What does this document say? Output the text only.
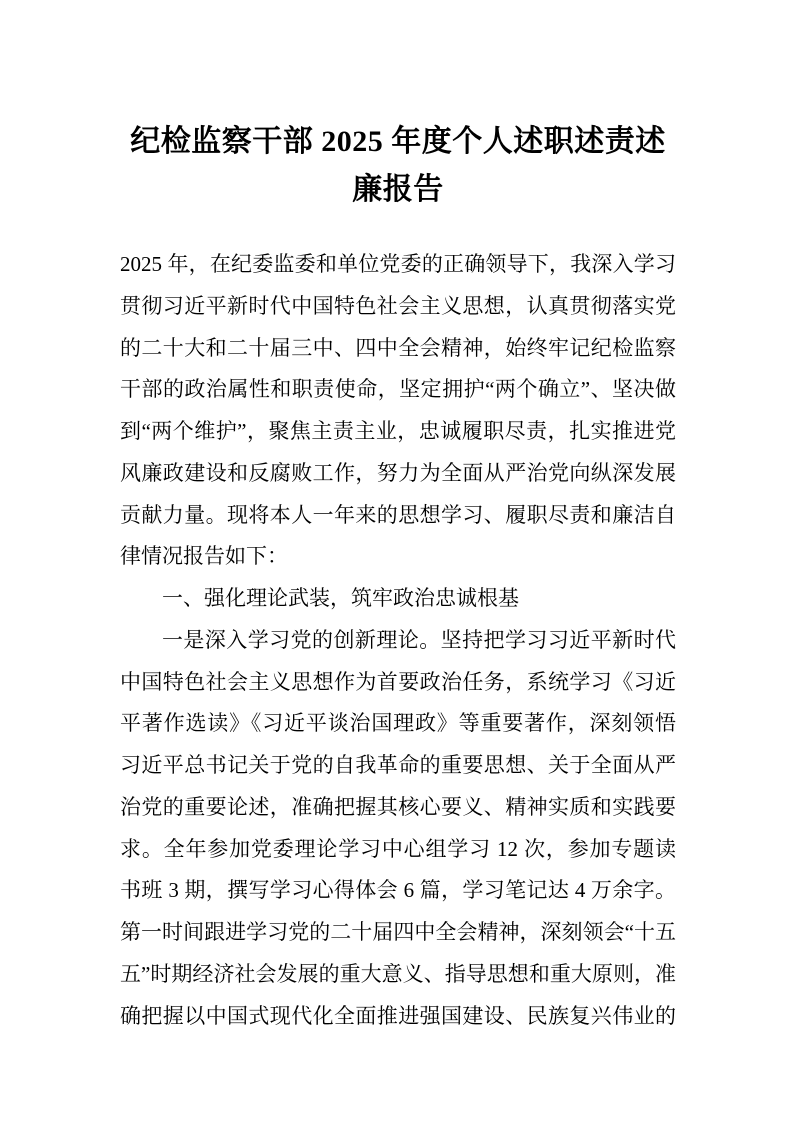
纪检监察干部 2025 年度个人述职述责述廉报告

2025 年，在纪委监委和单位党委的正确领导下，我深入学习贯彻习近平新时代中国特色社会主义思想，认真贯彻落实党的二十大和二十届三中、四中全会精神，始终牢记纪检监察干部的政治属性和职责使命，坚定拥护“两个确立”、坚决做到“两个维护”，聚焦主责主业，忠诚履职尽责，扎实推进党风廉政建设和反腐败工作，努力为全面从严治党向纵深发展贡献力量。现将本人一年来的思想学习、履职尽责和廉洁自律情况报告如下：

一、强化理论武装，筑牢政治忠诚根基

一是深入学习党的创新理论。坚持把学习习近平新时代中国特色社会主义思想作为首要政治任务，系统学习《习近平著作选读》《习近平谈治国理政》等重要著作，深刻领悟习近平总书记关于党的自我革命的重要思想、关于全面从严治党的重要论述，准确把握其核心要义、精神实质和实践要求。全年参加党委理论学习中心组学习 12 次，参加专题读书班 3 期，撰写学习心得体会 6 篇，学习笔记达 4 万余字。第一时间跟进学习党的二十届四中全会精神，深刻领会“十五五”时期经济社会发展的重大意义、指导思想和重大原则，准确把握以中国式现代化全面推进强国建设、民族复兴伟业的
